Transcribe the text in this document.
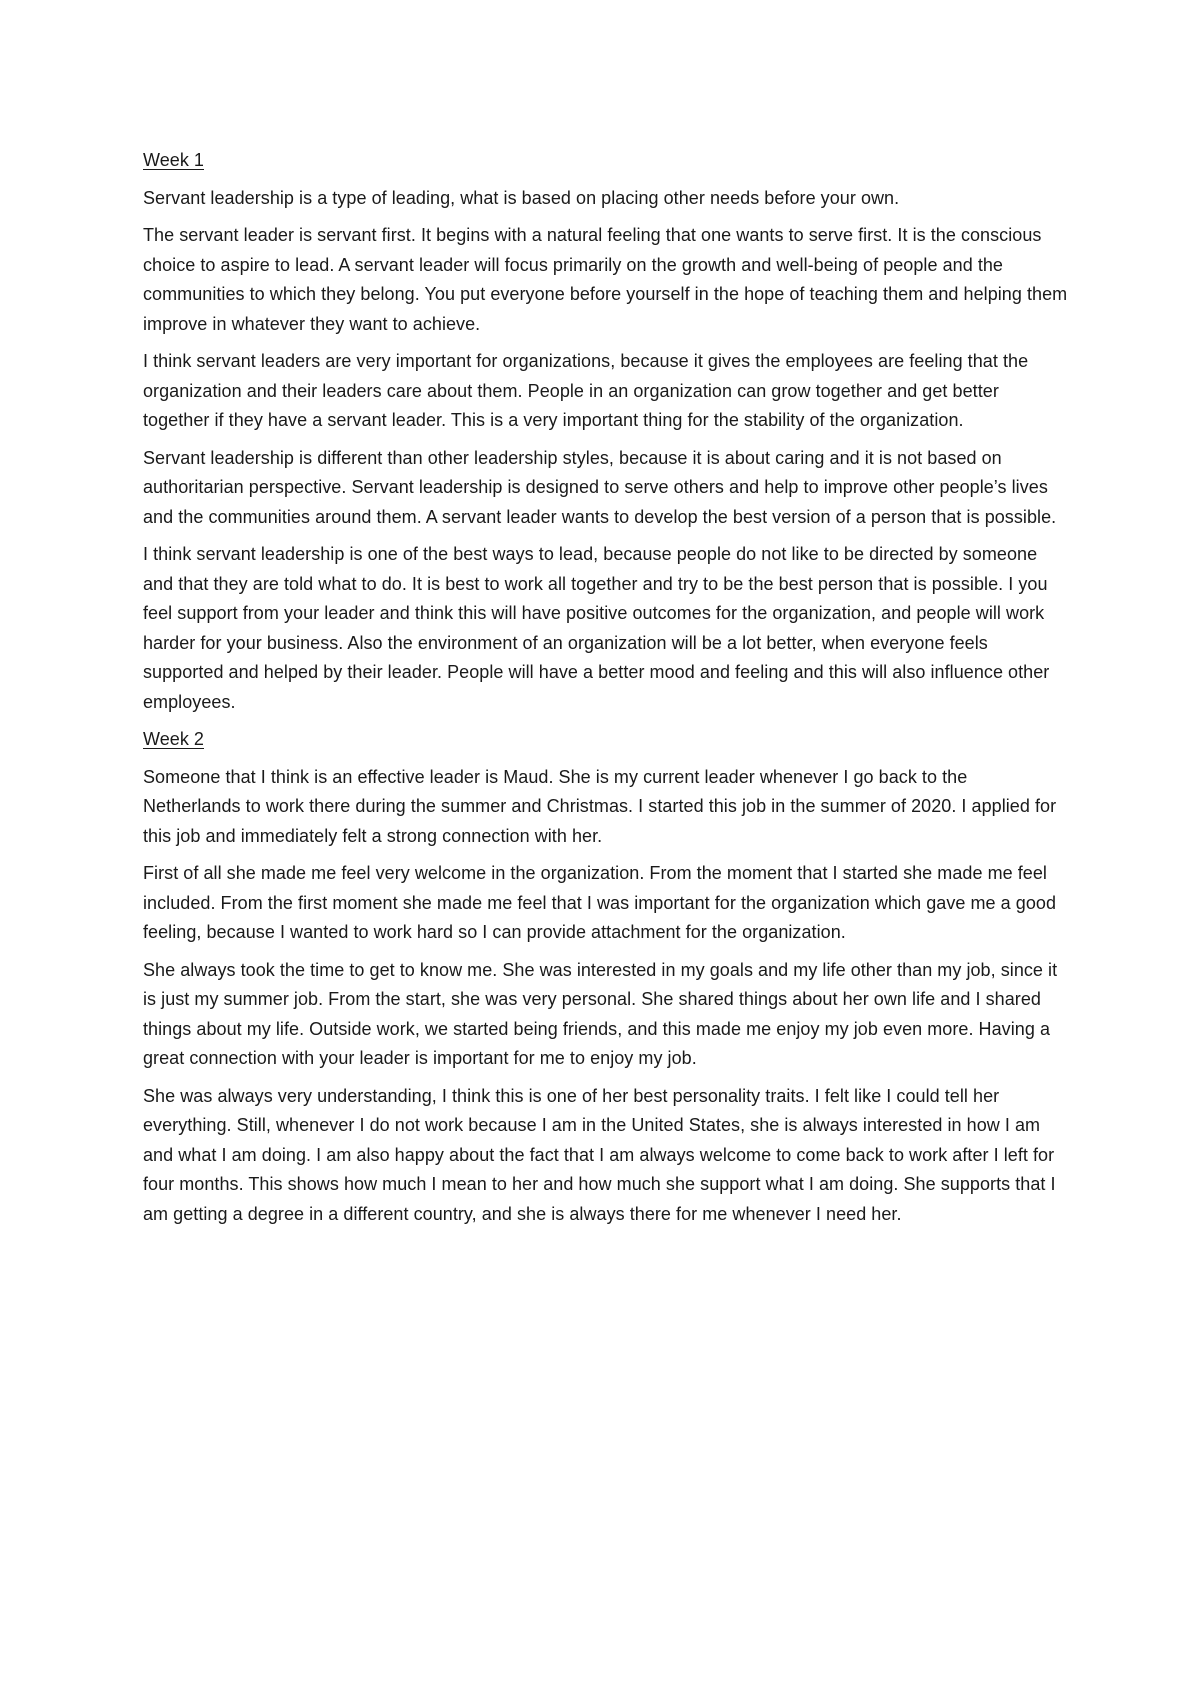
Week 1

Servant leadership is a type of leading, what is based on placing other needs before your own.

The servant leader is servant first. It begins with a natural feeling that one wants to serve first. It is the conscious choice to aspire to lead. A servant leader will focus primarily on the growth and well-being of people and the communities to which they belong. You put everyone before yourself in the hope of teaching them and helping them improve in whatever they want to achieve.

I think servant leaders are very important for organizations, because it gives the employees are feeling that the organization and their leaders care about them. People in an organization can grow together and get better together if they have a servant leader. This is a very important thing for the stability of the organization.

Servant leadership is different than other leadership styles, because it is about caring and it is not based on authoritarian perspective. Servant leadership is designed to serve others and help to improve other people’s lives and the communities around them. A servant leader wants to develop the best version of a person that is possible.

I think servant leadership is one of the best ways to lead, because people do not like to be directed by someone and that they are told what to do. It is best to work all together and try to be the best person that is possible. I you feel support from your leader and think this will have positive outcomes for the organization, and people will work harder for your business. Also the environment of an organization will be a lot better, when everyone feels supported and helped by their leader. People will have a better mood and feeling and this will also influence other employees.

Week 2

Someone that I think is an effective leader is Maud. She is my current leader whenever I go back to the Netherlands to work there during the summer and Christmas. I started this job in the summer of 2020. I applied for this job and immediately felt a strong connection with her.

First of all she made me feel very welcome in the organization. From the moment that I started she made me feel included. From the first moment she made me feel that I was important for the organization which gave me a good feeling, because I wanted to work hard so I can provide attachment for the organization.

She always took the time to get to know me. She was interested in my goals and my life other than my job, since it is just my summer job. From the start, she was very personal. She shared things about her own life and I shared things about my life. Outside work, we started being friends, and this made me enjoy my job even more. Having a great connection with your leader is important for me to enjoy my job.

She was always very understanding, I think this is one of her best personality traits. I felt like I could tell her everything. Still, whenever I do not work because I am in the United States, she is always interested in how I am and what I am doing. I am also happy about the fact that I am always welcome to come back to work after I left for four months. This shows how much I mean to her and how much she support what I am doing. She supports that I am getting a degree in a different country, and she is always there for me whenever I need her.
